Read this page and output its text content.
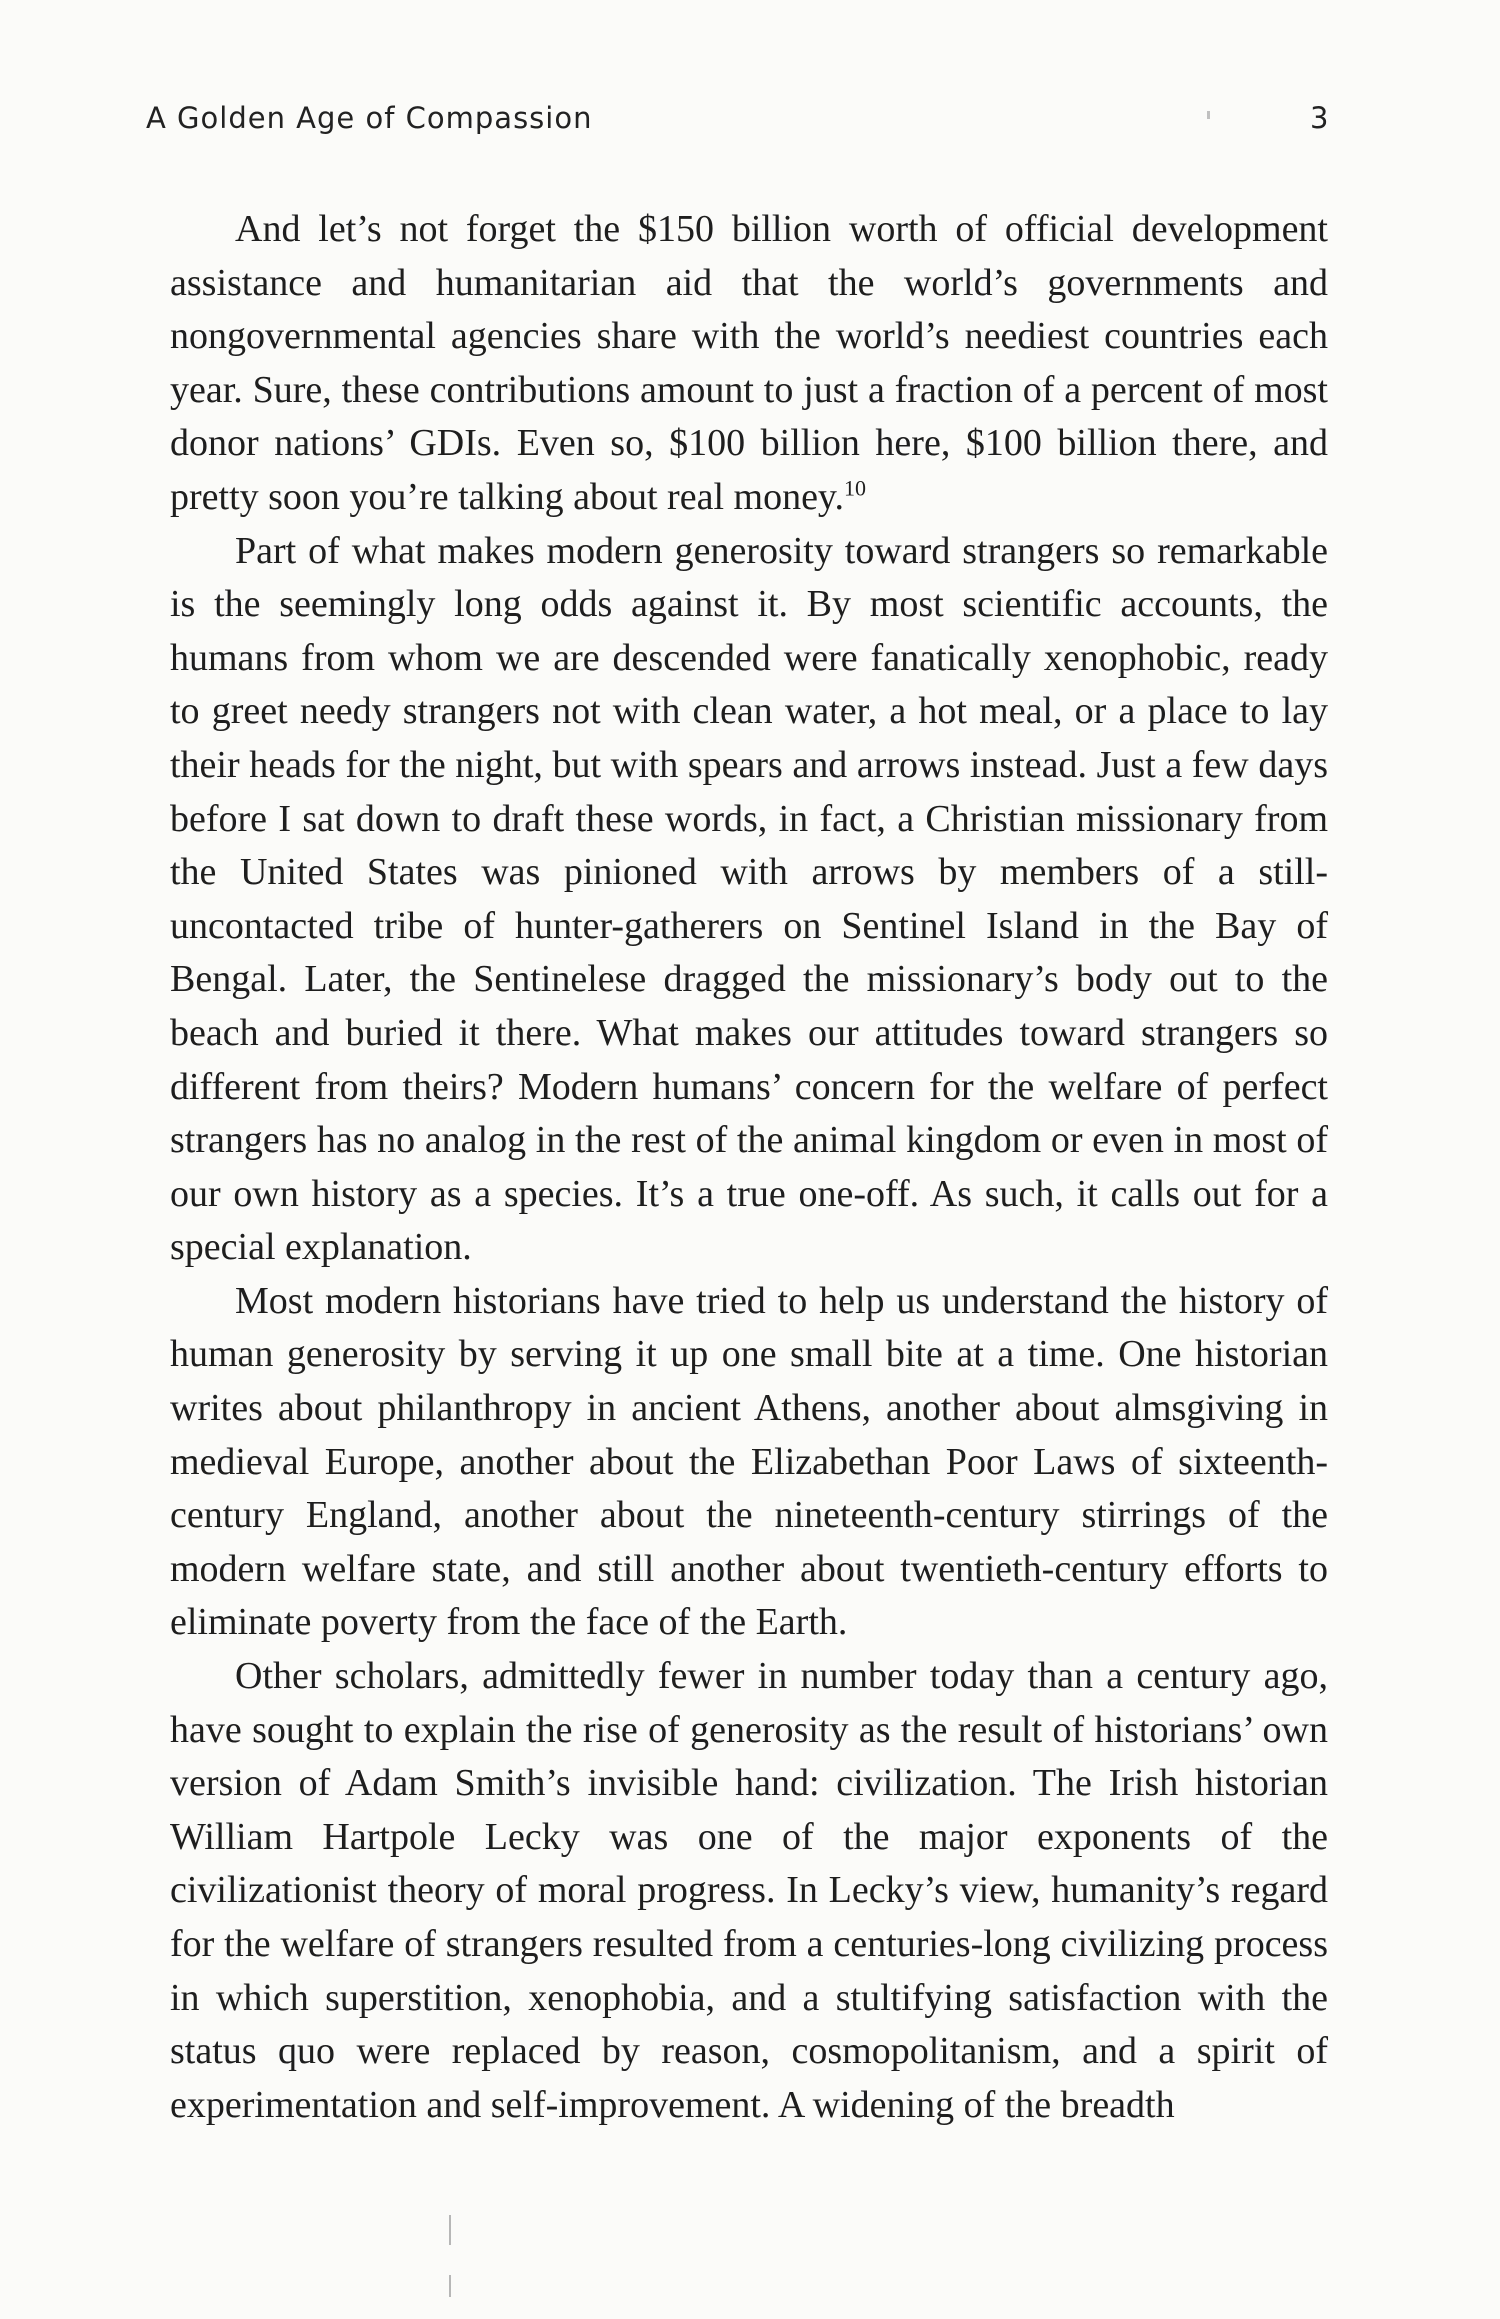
A Golden Age of Compassion	3

And let’s not forget the $150 billion worth of official development assistance and humanitarian aid that the world’s governments and nongovernmental agencies share with the world’s neediest countries each year. Sure, these contributions amount to just a fraction of a percent of most donor nations’ GDIs. Even so, $100 billion here, $100 billion there, and pretty soon you’re talking about real money.$^{10}$

Part of what makes modern generosity toward strangers so remarkable is the seemingly long odds against it. By most scientific accounts, the humans from whom we are descended were fanatically xenophobic, ready to greet needy strangers not with clean water, a hot meal, or a place to lay their heads for the night, but with spears and arrows instead. Just a few days before I sat down to draft these words, in fact, a Christian missionary from the United States was pinioned with arrows by members of a still-uncontacted tribe of hunter-gatherers on Sentinel Island in the Bay of Bengal. Later, the Sentinelese dragged the missionary’s body out to the beach and buried it there. What makes our attitudes toward strangers so different from theirs? Modern humans’ concern for the welfare of perfect strangers has no analog in the rest of the animal kingdom or even in most of our own history as a species. It’s a true one-off. As such, it calls out for a special explanation.

Most modern historians have tried to help us understand the history of human generosity by serving it up one small bite at a time. One historian writes about philanthropy in ancient Athens, another about almsgiving in medieval Europe, another about the Elizabethan Poor Laws of sixteenth-century England, another about the nineteenth-century stirrings of the modern welfare state, and still another about twentieth-century efforts to eliminate poverty from the face of the Earth.

Other scholars, admittedly fewer in number today than a century ago, have sought to explain the rise of generosity as the result of historians’ own version of Adam Smith’s invisible hand: civilization. The Irish historian William Hartpole Lecky was one of the major exponents of the civilizationist theory of moral progress. In Lecky’s view, humanity’s regard for the welfare of strangers resulted from a centuries-long civilizing process in which superstition, xenophobia, and a stultifying satisfaction with the status quo were replaced by reason, cosmopolitanism, and a spirit of experimentation and self-improvement. A widening of the breadth
